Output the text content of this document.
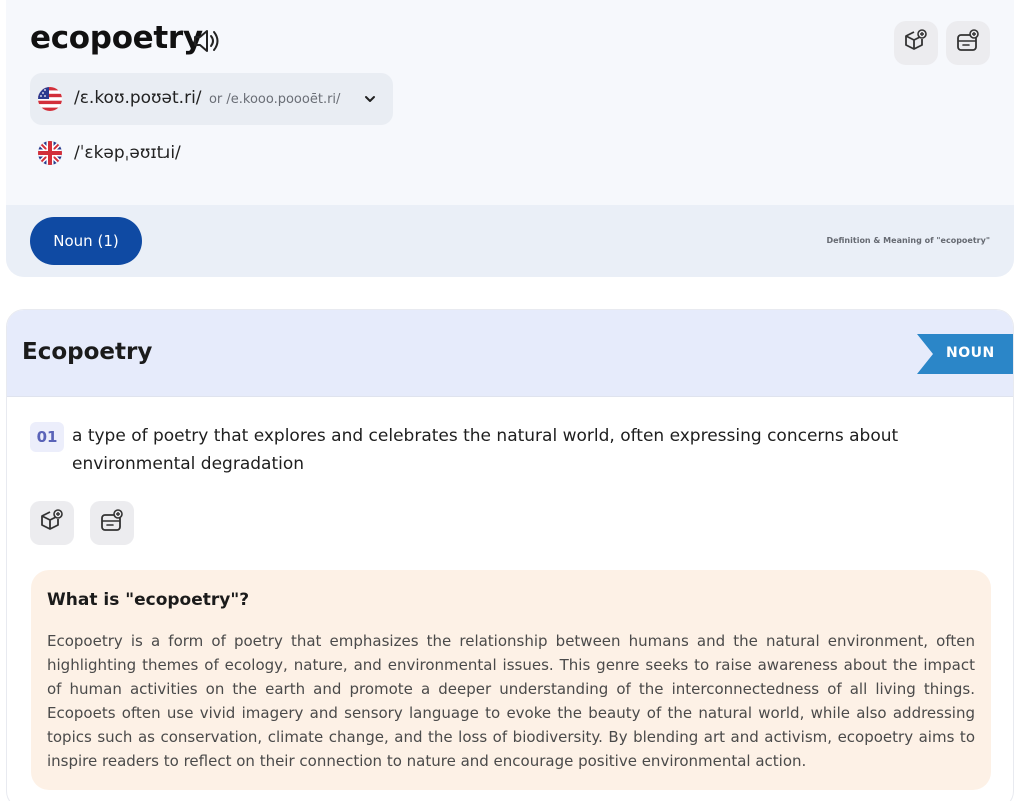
ecopoetry
/ɛ.koʊ.poʊət.ri/ or /e.kooo.poooēt.ri/
/ˈɛkəpˌəʊɪtɹi/
Noun (1)	Definition & Meaning of "ecopoetry"
Ecopoetry	NOUN
01 a type of poetry that explores and celebrates the natural world, often expressing concerns about environmental degradation

What is "ecopoetry"?

Ecopoetry is a form of poetry that emphasizes the relationship between humans and the natural environment, often highlighting themes of ecology, nature, and environmental issues. This genre seeks to raise awareness about the impact of human activities on the earth and promote a deeper understanding of the interconnectedness of all living things. Ecopoets often use vivid imagery and sensory language to evoke the beauty of the natural world, while also addressing topics such as conservation, climate change, and the loss of biodiversity. By blending art and activism, ecopoetry aims to inspire readers to reflect on their connection to nature and encourage positive environmental action.
